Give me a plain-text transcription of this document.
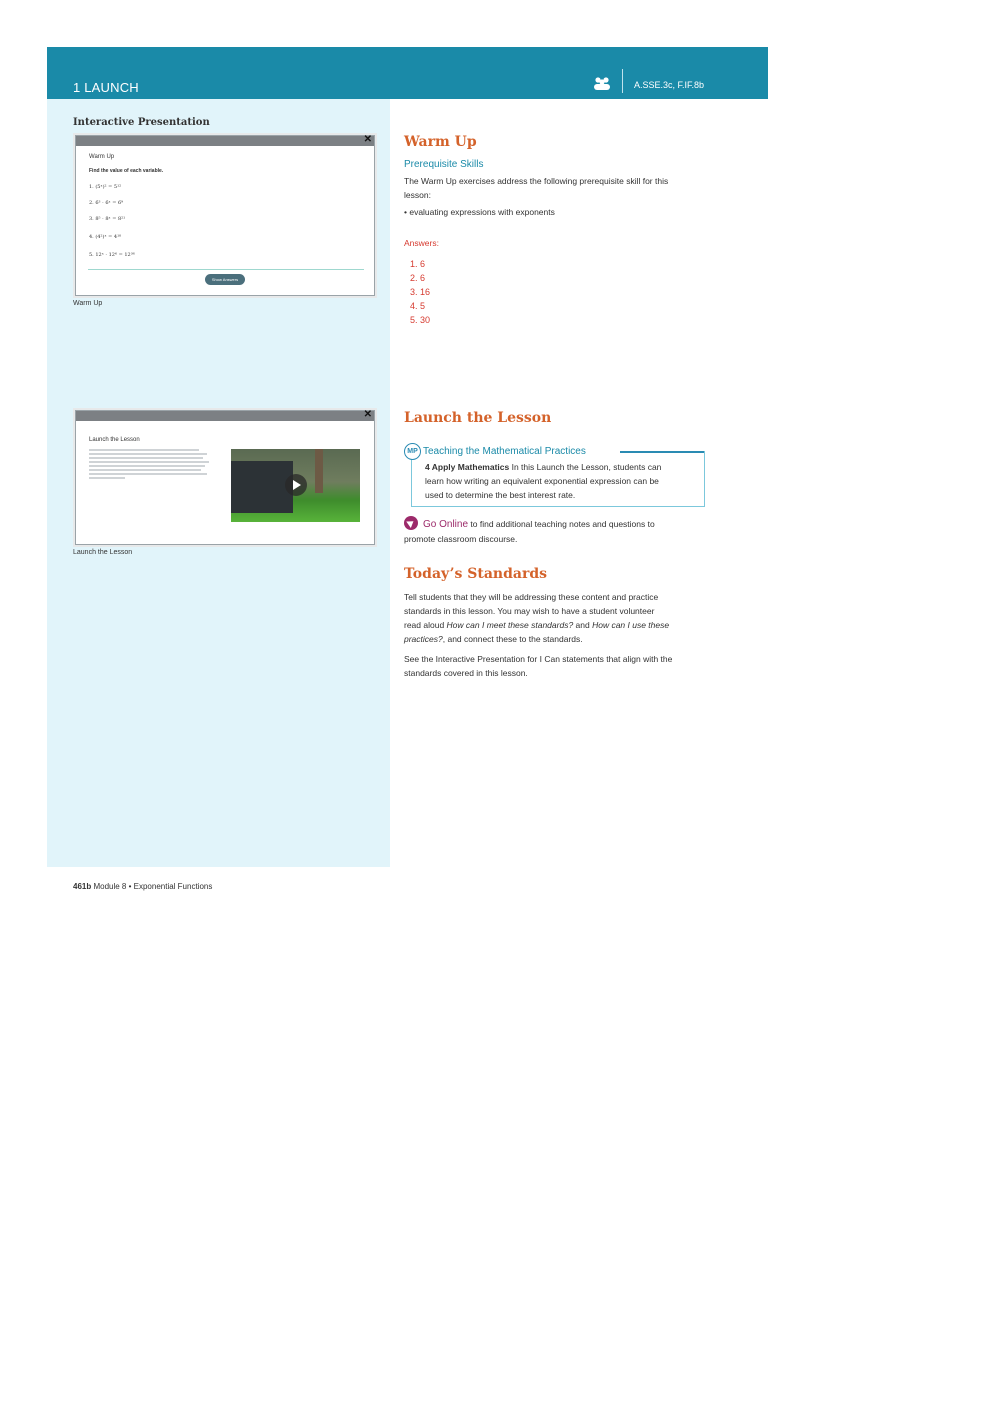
1 LAUNCH	A.SSE.3c, F.IF.8b
Interactive Presentation
✕
Warm Up
Find the value of each variable.
1. (5ˣ)² = 5¹²
2. 6³ · 6ˣ = 6⁹
3. 8⁵ · 8ˣ = 8²¹
4. (4²)ˣ = 4¹⁰
5. 12ˣ · 12⁶ = 12³⁶
Show Answers
Warm Up
✕
Launch the Lesson
Launch the Lesson
Warm Up
Prerequisite Skills
The Warm Up exercises address the following prerequisite skill for this
lesson:
• evaluating expressions with exponents
Answers:
1. 6
2. 6
3. 16
4. 5
5. 30
Launch the Lesson
MP Teaching the Mathematical Practices
4 Apply Mathematics In this Launch the Lesson, students can
learn how writing an equivalent exponential expression can be
used to determine the best interest rate.
Go Online to find additional teaching notes and questions to
promote classroom discourse.
Today’s Standards
Tell students that they will be addressing these content and practice
standards in this lesson. You may wish to have a student volunteer
read aloud How can I meet these standards? and How can I use these
practices?, and connect these to the standards.
See the Interactive Presentation for I Can statements that align with the
standards covered in this lesson.
461b Module 8 • Exponential Functions
